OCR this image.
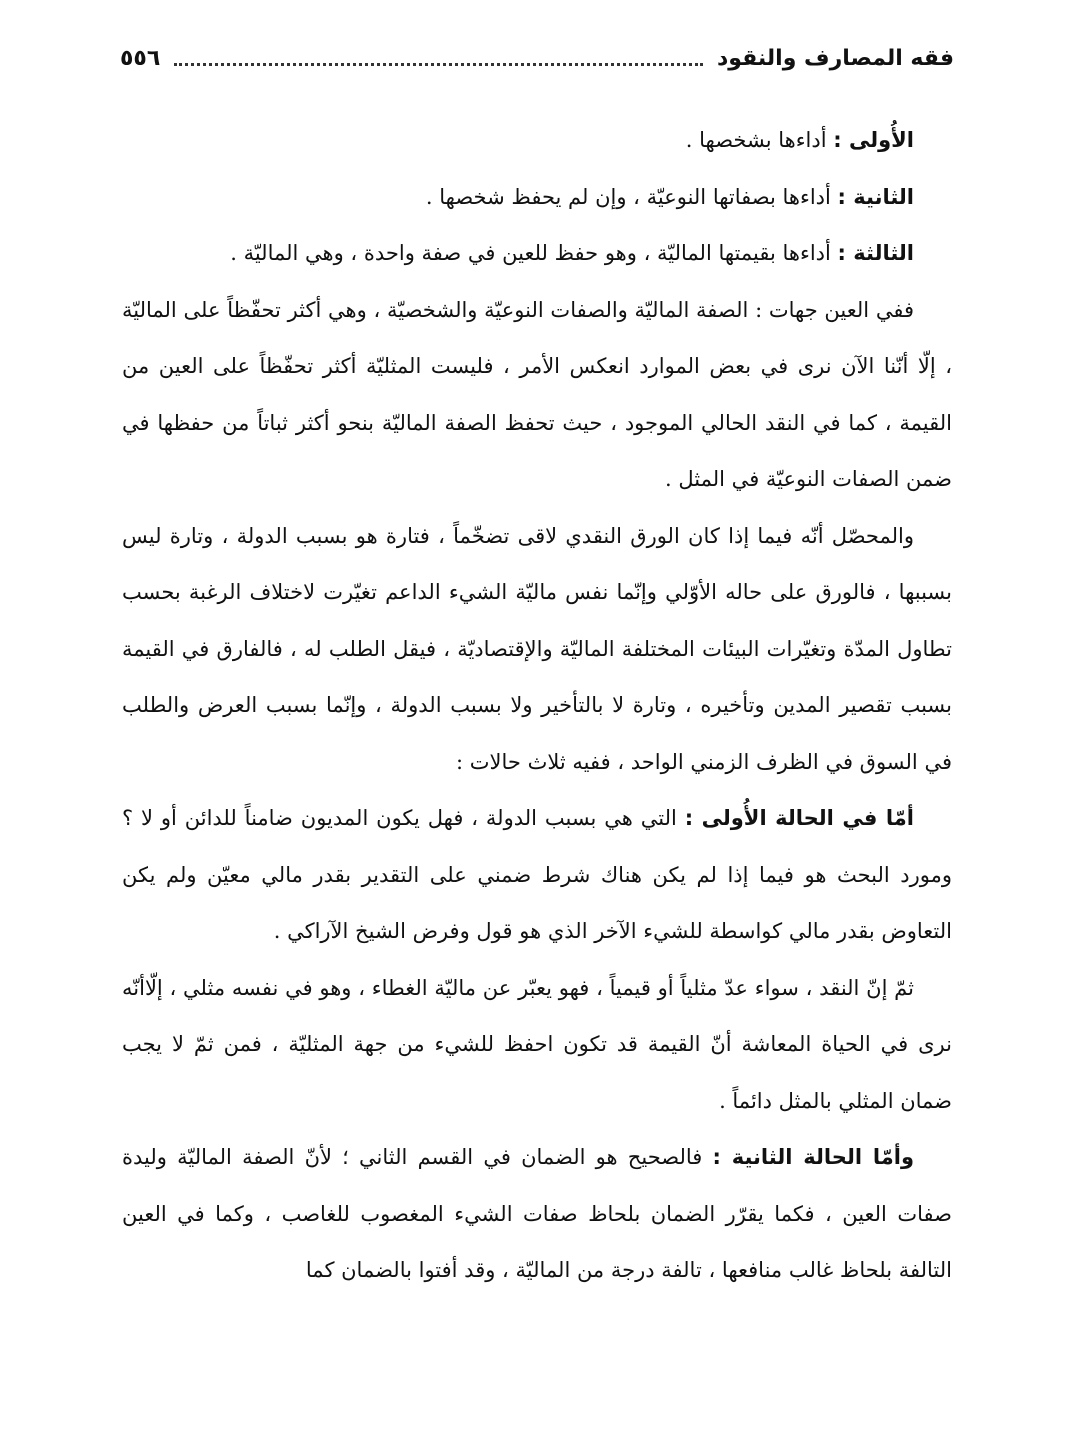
٥٥٦	فقه المصارف والنقود

الأُولى : أداءها بشخصها .

الثانية : أداءها بصفاتها النوعيّة ، وإن لم يحفظ شخصها .

الثالثة : أداءها بقيمتها الماليّة ، وهو حفظ للعين في صفة واحدة ، وهي الماليّة .

ففي العين جهات : الصفة الماليّة والصفات النوعيّة والشخصيّة ، وهي أكثر تحفّظاً على الماليّة ، إلّا أنّنا الآن نرى في بعض الموارد انعكس الأمر ، فليست المثليّة أكثر تحفّظاً على العين من القيمة ، كما في النقد الحالي الموجود ، حيث تحفظ الصفة الماليّة بنحو أكثر ثباتاً من حفظها في ضمن الصفات النوعيّة في المثل .

والمحصّل أنّه فيما إذا كان الورق النقدي لاقى تضخّماً ، فتارة هو بسبب الدولة ، وتارة ليس بسببها ، فالورق على حاله الأوّلي وإنّما نفس ماليّة الشيء الداعم تغيّرت لاختلاف الرغبة بحسب تطاول المدّة وتغيّرات البيئات المختلفة الماليّة والإقتصاديّة ، فيقل الطلب له ، فالفارق في القيمة بسبب تقصير المدين وتأخيره ، وتارة لا بالتأخير ولا بسبب الدولة ، وإنّما بسبب العرض والطلب في السوق في الظرف الزمني الواحد ، ففيه ثلاث حالات :

أمّا في الحالة الأُولى : التي هي بسبب الدولة ، فهل يكون المديون ضامناً للدائن أو لا ؟ ومورد البحث هو فيما إذا لم يكن هناك شرط ضمني على التقدير بقدر مالي معيّن ولم يكن التعاوض بقدر مالي كواسطة للشيء الآخر الذي هو قول وفرض الشيخ الآراكي .

ثمّ إنّ النقد ، سواء عدّ مثلياً أو قيمياً ، فهو يعبّر عن ماليّة الغطاء ، وهو في نفسه مثلي ، إلّاأنّه نرى في الحياة المعاشة أنّ القيمة قد تكون احفظ للشيء من جهة المثليّة ، فمن ثمّ لا يجب ضمان المثلي بالمثل دائماً .

وأمّا الحالة الثانية : فالصحيح هو الضمان في القسم الثاني ؛ لأنّ الصفة الماليّة وليدة صفات العين ، فكما يقرّر الضمان بلحاظ صفات الشيء المغصوب للغاصب ، وكما في العين التالفة بلحاظ غالب منافعها ، تالفة درجة من الماليّة ، وقد أفتوا بالضمان كما
